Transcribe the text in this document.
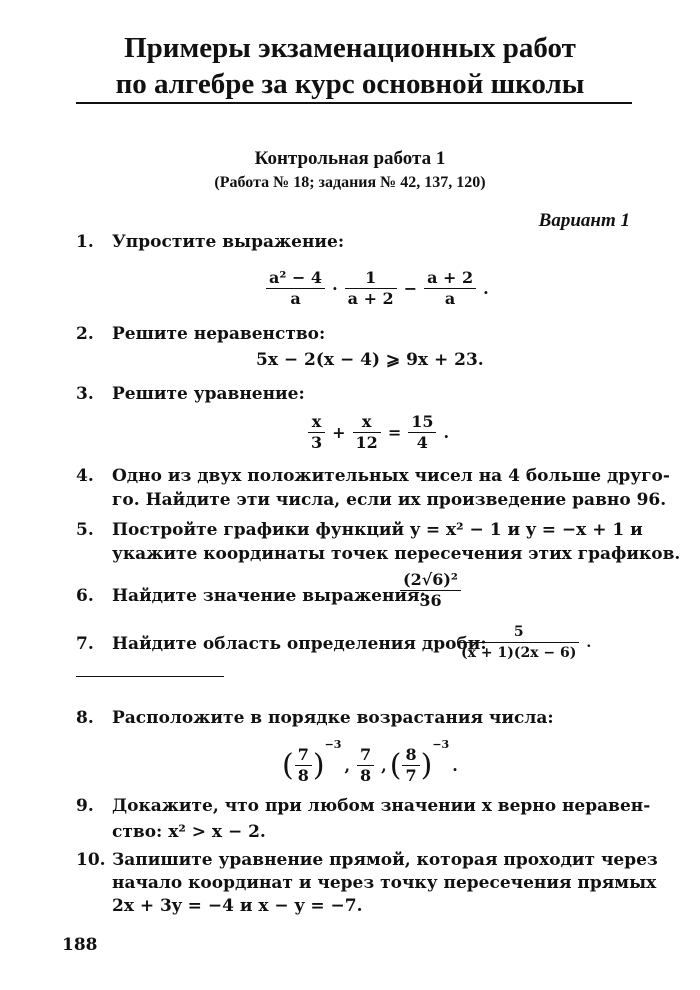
Примеры экзаменационных работ
по алгебре за курс основной школы
Контрольная работа 1
(Работа № 18; задания № 42, 137, 120)
Вариант 1
1. Упростите выражение:
$\frac{\text{a² − 4}}{a} \cdot \frac{1}{a + 2} - \frac{a + 2}{a}$ .
2. Решите неравенство:
5x − 2(x − 4) ⩾ 9x + 23.
3. Решите уравнение:
$\frac{x}{3} + \frac{x}{12} = \frac{15}{4}$ .
4. Одно из двух положительных чисел на 4 больше друго-
го. Найдите эти числа, если их произведение равно 96.
5. Постройте графики функций y = x² − 1 и y = −x + 1 и
укажите координаты точек пересечения этих графиков.
6. Найдите значение выражения:
$\frac{\text{(2√6)²}}{36}$
7. Найдите область определения дроби:
$\frac{5}{(x + 1)(2x - 6)}$ .
8. Расположите в порядке возрастания числа:
( $\frac{7}{8} )^{-3}$, $\frac{7}{8}$ , ( $\frac{8}{7} )^{-3}$.
9. Докажите, что при любом значении x верно неравен-
ство: x² > x − 2.
10. Запишите уравнение прямой, которая проходит через
начало координат и через точку пересечения прямых
2x + 3y = −4 и x − y = −7.
188
